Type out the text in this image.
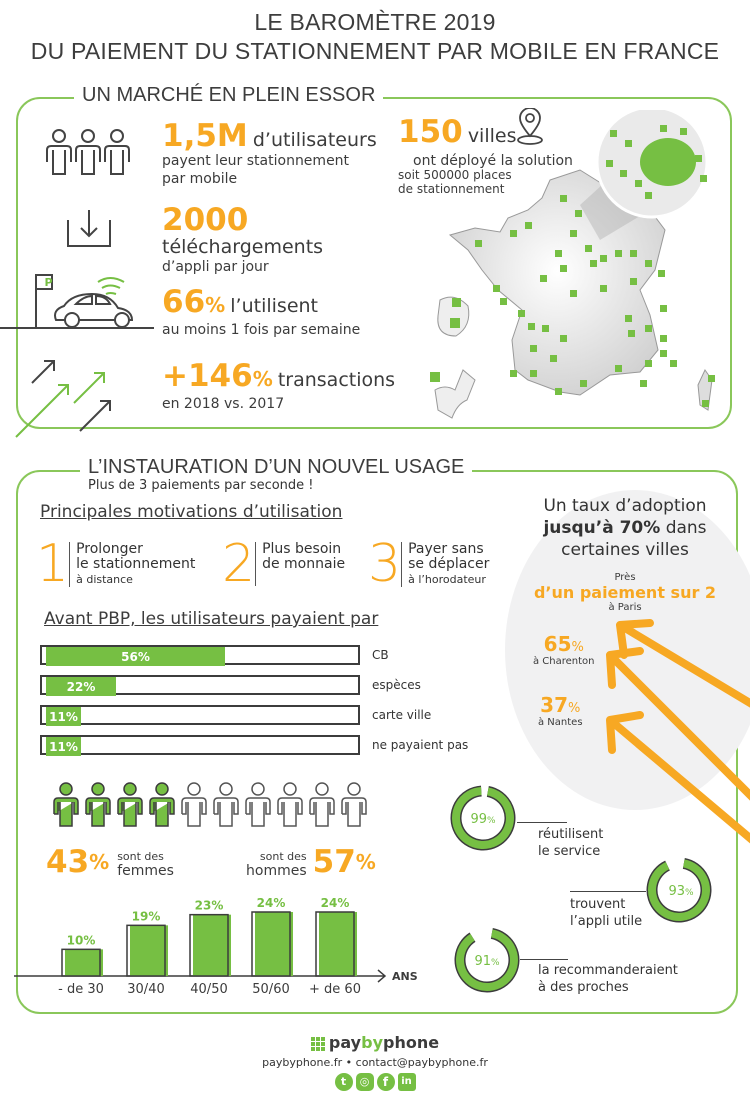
LE BAROMÈTRE 2019
DU PAIEMENT DU STATIONNEMENT PAR MOBILE EN FRANCE
UN MARCHÉ EN PLEIN ESSOR
1,5M d’utilisateurs
payent leur stationnement par mobile
2000 téléchargements
d’appli par jour
P
66% l’utilisent
au moins 1 fois par semaine
+146% transactions
en 2018 vs. 2017
150 villes
ont déployé la solution
soit 500000 places
de stationnement
L’INSTAURATION D’UN NOUVEL USAGE
Plus de 3 paiements par seconde !
Principales motivations d’utilisation
1 Prolonger
le stationnement
à distance	2 Plus besoin
de monnaie 3 Payer sans
se déplacer
à l’horodateur
Avant PBP, les utilisateurs payaient par
56%	CB
22%	espèces
11%	carte ville
11%	ne payaient pas
43 % sont des
femmes
sont des
hommes 57 %
ANS
10%
- de 30
19%
30/40
23%
40/50
24%
50/60
24%
+ de 60
Un taux d’adoption
jusqu’à 70% dans
certaines villes
Près
d’un paiement sur 2
à Paris
65%
à Charenton
37%
à Nantes
99%
réutilisent
le service
93%
trouvent
l’appli utile
91%	la recommanderaient
à des proches
paybyphone
paybyphone.fr • contact@paybyphone.fr
t	◎	f	in
